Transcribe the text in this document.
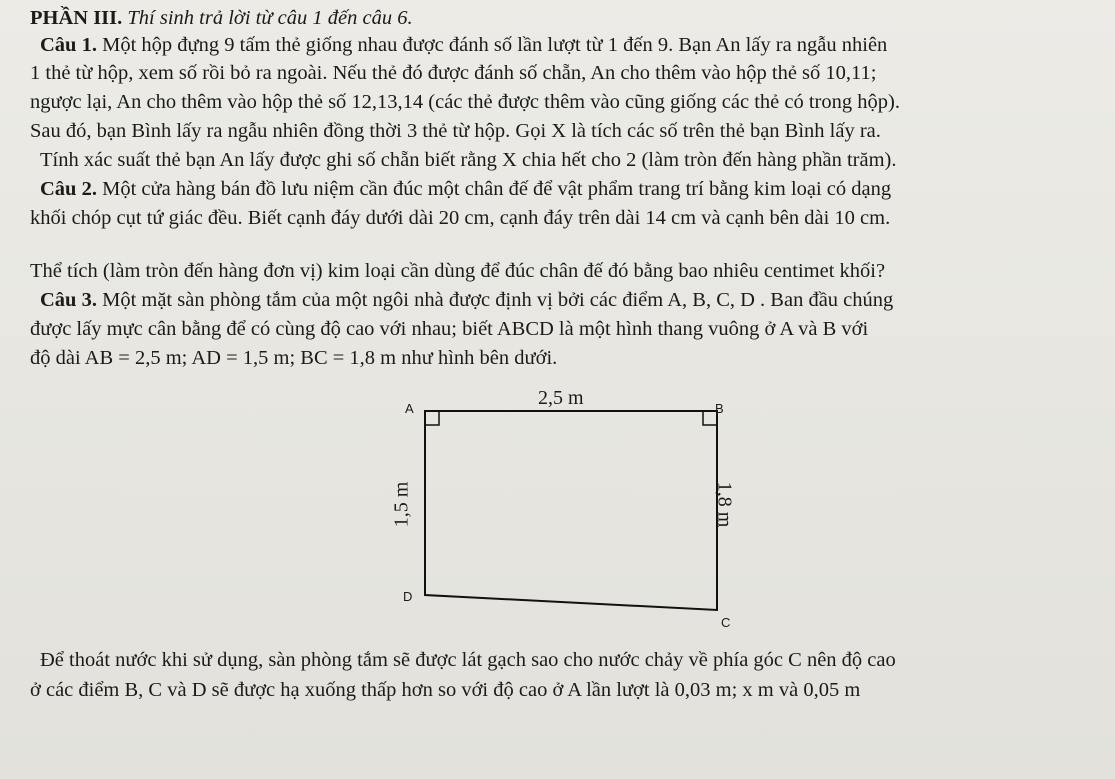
PHẦN III. Thí sinh trả lời từ câu 1 đến câu 6.
Câu 1. Một hộp đựng 9 tấm thẻ giống nhau được đánh số lần lượt từ 1 đến 9. Bạn An lấy ra ngẫu nhiên
1 thẻ từ hộp, xem số rồi bỏ ra ngoài. Nếu thẻ đó được đánh số chẵn, An cho thêm vào hộp thẻ số 10,11;
ngược lại, An cho thêm vào hộp thẻ số 12,13,14 (các thẻ được thêm vào cũng giống các thẻ có trong hộp).
Sau đó, bạn Bình lấy ra ngẫu nhiên đồng thời 3 thẻ từ hộp. Gọi X là tích các số trên thẻ bạn Bình lấy ra.
Tính xác suất thẻ bạn An lấy được ghi số chẵn biết rằng X chia hết cho 2 (làm tròn đến hàng phần trăm).
Câu 2. Một cửa hàng bán đồ lưu niệm cần đúc một chân đế để vật phẩm trang trí bằng kim loại có dạng
khối chóp cụt tứ giác đều. Biết cạnh đáy dưới dài 20 cm, cạnh đáy trên dài 14 cm và cạnh bên dài 10 cm.
Thể tích (làm tròn đến hàng đơn vị) kim loại cần dùng để đúc chân đế đó bằng bao nhiêu centimet khối?
Câu 3. Một mặt sàn phòng tắm của một ngôi nhà được định vị bởi các điểm A, B, C, D . Ban đầu chúng
được lấy mực cân bằng để có cùng độ cao với nhau; biết ABCD là một hình thang vuông ở A và B với
độ dài AB = 2,5 m; AD = 1,5 m; BC = 1,8 m như hình bên dưới.
A	B
C
D
2,5 m
1,5 m	1,8 m
Để thoát nước khi sử dụng, sàn phòng tắm sẽ được lát gạch sao cho nước chảy về phía góc C nên độ cao
ở các điểm B, C và D sẽ được hạ xuống thấp hơn so với độ cao ở A lần lượt là 0,03 m; x m và 0,05 m
